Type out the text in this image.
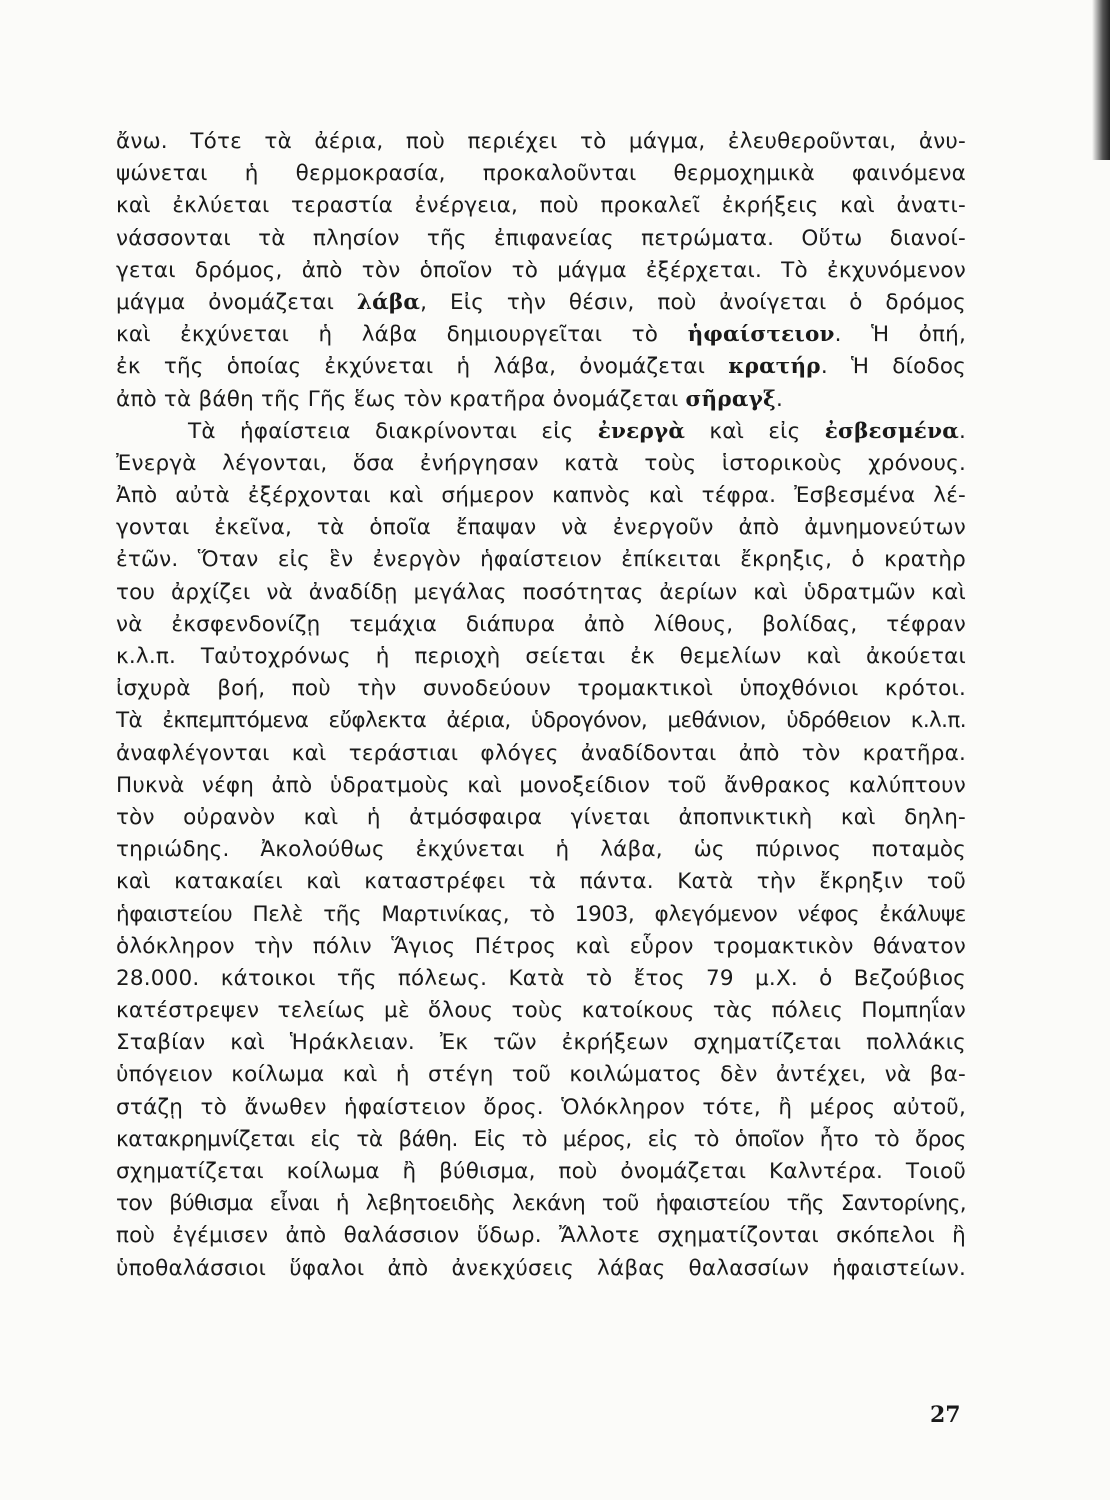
ἄνω. Τότε τὰ ἀέρια, ποὺ περιέχει τὸ μάγμα, ἐλευθεροῦνται, ἀνυ-
ψώνεται ἡ θερμοκρασία, προκαλοῦνται θερμοχημικὰ φαινόμενα
καὶ ἐκλύεται τεραστία ἐνέργεια, ποὺ προκαλεῖ ἐκρήξεις καὶ ἀνατι-
νάσσονται τὰ πλησίον τῆς ἐπιφανείας πετρώματα. Οὕτω διανοί-
γεται δρόμος, ἀπὸ τὸν ὁποῖον τὸ μάγμα ἐξέρχεται. Τὸ ἐκχυνόμενον
μάγμα ὀνομάζεται λάβα, Εἰς τὴν θέσιν, ποὺ ἀνοίγεται ὁ δρόμος
καὶ ἐκχύνεται ἡ λάβα δημιουργεῖται τὸ ἡφαίστειον. Ἡ ὀπή,
ἐκ τῆς ὁποίας ἐκχύνεται ἡ λάβα, ὀνομάζεται κρατήρ. Ἡ δίοδος
ἀπὸ τὰ βάθη τῆς Γῆς ἕως τὸν κρατῆρα ὀνομάζεται σῆραγξ.
Τὰ ἡφαίστεια διακρίνονται εἰς ἐνεργὰ καὶ εἰς ἐσβεσμένα.
Ἐνεργὰ λέγονται, ὅσα ἐνήργησαν κατὰ τοὺς ἱστορικοὺς χρόνους.
Ἀπὸ αὐτὰ ἐξέρχονται καὶ σήμερον καπνὸς καὶ τέφρα. Ἐσβεσμένα λέ-
γονται ἐκεῖνα, τὰ ὁποῖα ἔπαψαν νὰ ἐνεργοῦν ἀπὸ ἀμνημονεύτων
ἐτῶν. Ὅταν εἰς ἓν ἐνεργὸν ἡφαίστειον ἐπίκειται ἔκρηξις, ὁ κρατὴρ
του ἀρχίζει νὰ ἀναδίδῃ μεγάλας ποσότητας ἀερίων καὶ ὑδρατμῶν καὶ
νὰ ἐκσφενδονίζῃ τεμάχια διάπυρα ἀπὸ λίθους, βολίδας, τέφραν
κ.λ.π. Ταὐτοχρόνως ἡ περιοχὴ σείεται ἐκ θεμελίων καὶ ἀκούεται
ἰσχυρὰ βοή, ποὺ τὴν συνοδεύουν τρομακτικοὶ ὑποχθόνιοι κρότοι.
Τὰ ἐκπεμπτόμενα εὔφλεκτα ἀέρια, ὑδρογόνον, μεθάνιον, ὑδρόθειον κ.λ.π.
ἀναφλέγονται καὶ τεράστιαι φλόγες ἀναδίδονται ἀπὸ τὸν κρατῆρα.
Πυκνὰ νέφη ἀπὸ ὑδρατμοὺς καὶ μονοξείδιον τοῦ ἄνθρακος καλύπτουν
τὸν οὐρανὸν καὶ ἡ ἀτμόσφαιρα γίνεται ἀποπνικτικὴ καὶ δηλη-
τηριώδης. Ἀκολούθως ἐκχύνεται ἡ λάβα, ὡς πύρινος ποταμὸς
καὶ κατακαίει καὶ καταστρέφει τὰ πάντα. Κατὰ τὴν ἔκρηξιν τοῦ
ἡφαιστείου Πελὲ τῆς Μαρτινίκας, τὸ 1903, φλεγόμενον νέφος ἐκάλυψε
ὁλόκληρον τὴν πόλιν Ἅγιος Πέτρος καὶ εὗρον τρομακτικὸν θάνατον
28.000. κάτοικοι τῆς πόλεως. Κατὰ τὸ ἔτος 79 μ.Χ. ὁ Βεζούβιος
κατέστρεψεν τελείως μὲ ὅλους τοὺς κατοίκους τὰς πόλεις Πομπηΐαν
Σταβίαν καὶ Ἡράκλειαν. Ἐκ τῶν ἐκρήξεων σχηματίζεται πολλάκις
ὑπόγειον κοίλωμα καὶ ἡ στέγη τοῦ κοιλώματος δὲν ἀντέχει, νὰ βα-
στάζῃ τὸ ἄνωθεν ἡφαίστειον ὄρος. Ὁλόκληρον τότε, ἢ μέρος αὐτοῦ,
κατακρημνίζεται εἰς τὰ βάθη. Εἰς τὸ μέρος, εἰς τὸ ὁποῖον ἦτο τὸ ὄρος
σχηματίζεται κοίλωμα ἢ βύθισμα, ποὺ ὀνομάζεται Καλντέρα. Τοιοῦ
τον βύθισμα εἶναι ἡ λεβητοειδὴς λεκάνη τοῦ ἡφαιστείου τῆς Σαντορίνης,
ποὺ ἐγέμισεν ἀπὸ θαλάσσιον ὕδωρ. Ἄλλοτε σχηματίζονται σκόπελοι ἢ
ὑποθαλάσσιοι ὕφαλοι ἀπὸ ἀνεκχύσεις λάβας θαλασσίων ἡφαιστείων.
27
